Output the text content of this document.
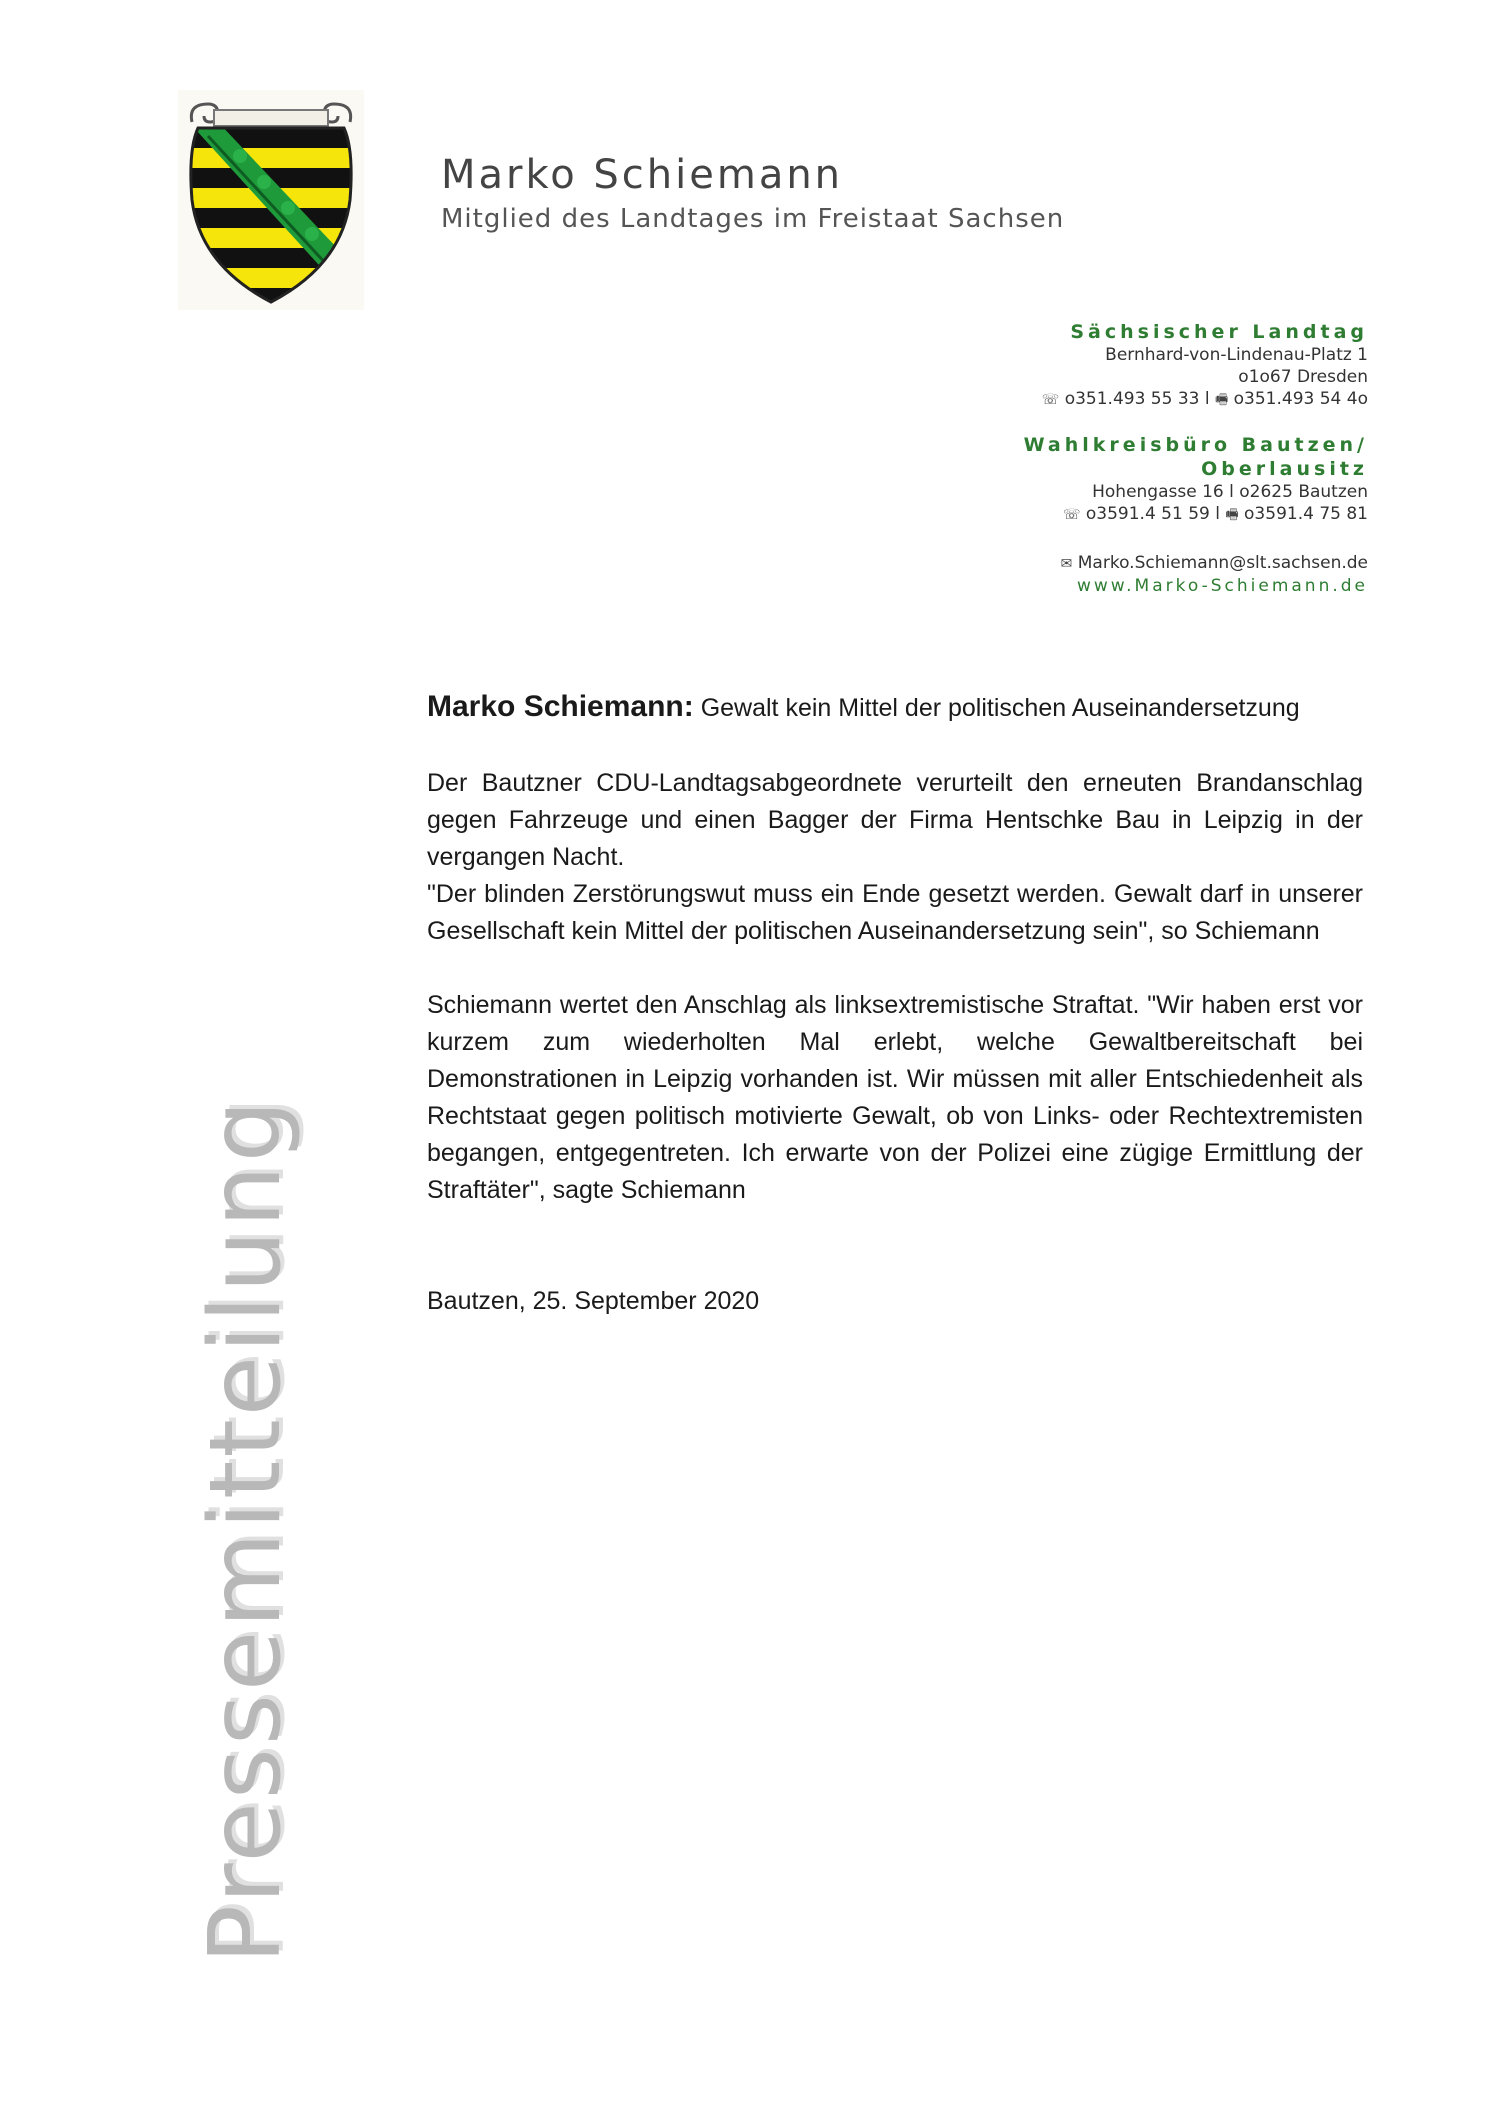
Marko Schiemann
Mitglied des Landtages im Freistaat Sachsen
Sächsischer Landtag
Bernhard-von-Lindenau-Platz 1
o1o67 Dresden
☏ o351.493 55 33 l 🖷 o351.493 54 4o
Wahlkreisbüro Bautzen/
Oberlausitz
Hohengasse 16 l o2625 Bautzen
☏ o3591.4 51 59 l 🖷 o3591.4 75 81
✉ Marko.Schiemann@slt.sachsen.de
www.Marko-Schiemann.de
Pressemitteilung
Marko Schiemann: Gewalt kein Mittel der politischen Auseinandersetzung

Der Bautzner CDU-Landtagsabgeordnete verurteilt den erneuten Brandanschlag gegen Fahrzeuge und einen Bagger der Firma Hentschke Bau in Leipzig in der vergangen Nacht.

"Der blinden Zerstörungswut muss ein Ende gesetzt werden. Gewalt darf in unserer Gesellschaft kein Mittel der politischen Auseinandersetzung sein", so Schiemann

Schiemann wertet den Anschlag als linksextremistische Straftat. "Wir haben erst vor kurzem zum wiederholten Mal erlebt, welche Gewaltbereitschaft bei Demonstrationen in Leipzig vorhanden ist. Wir müssen mit aller Entschiedenheit als Rechtstaat gegen politisch motivierte Gewalt, ob von Links- oder Rechtextremisten begangen, entgegentreten. Ich erwarte von der Polizei eine zügige Ermittlung der Straftäter", sagte Schiemann

Bautzen, 25. September 2020
